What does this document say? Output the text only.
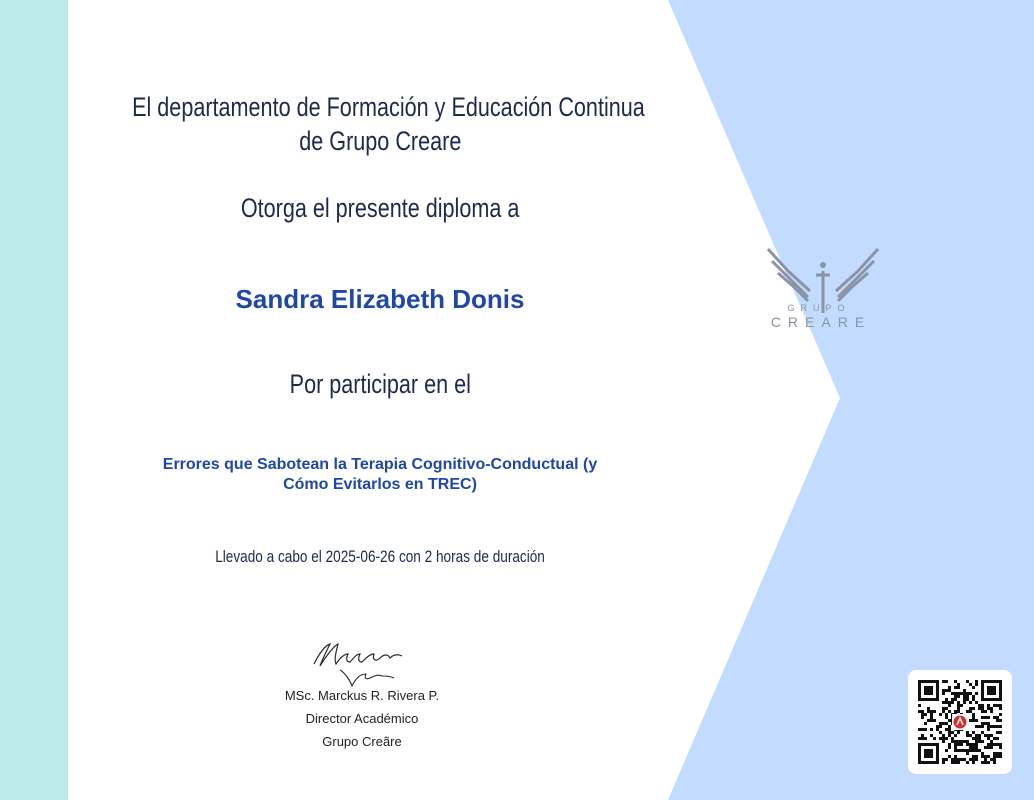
El departamento de Formación y Educación Continua
de Grupo Creare
Otorga el presente diploma a
Sandra Elizabeth Donis
Por participar en el
Errores que Sabotean la Terapia Cognitivo-Conductual (y
Cómo Evitarlos en TREC)
Llevado a cabo el 2025-06-26 con 2 horas de duración
MSc. Marckus R. Rivera P.
Director Académico
Grupo Creãre
GRUPO
CREARE
